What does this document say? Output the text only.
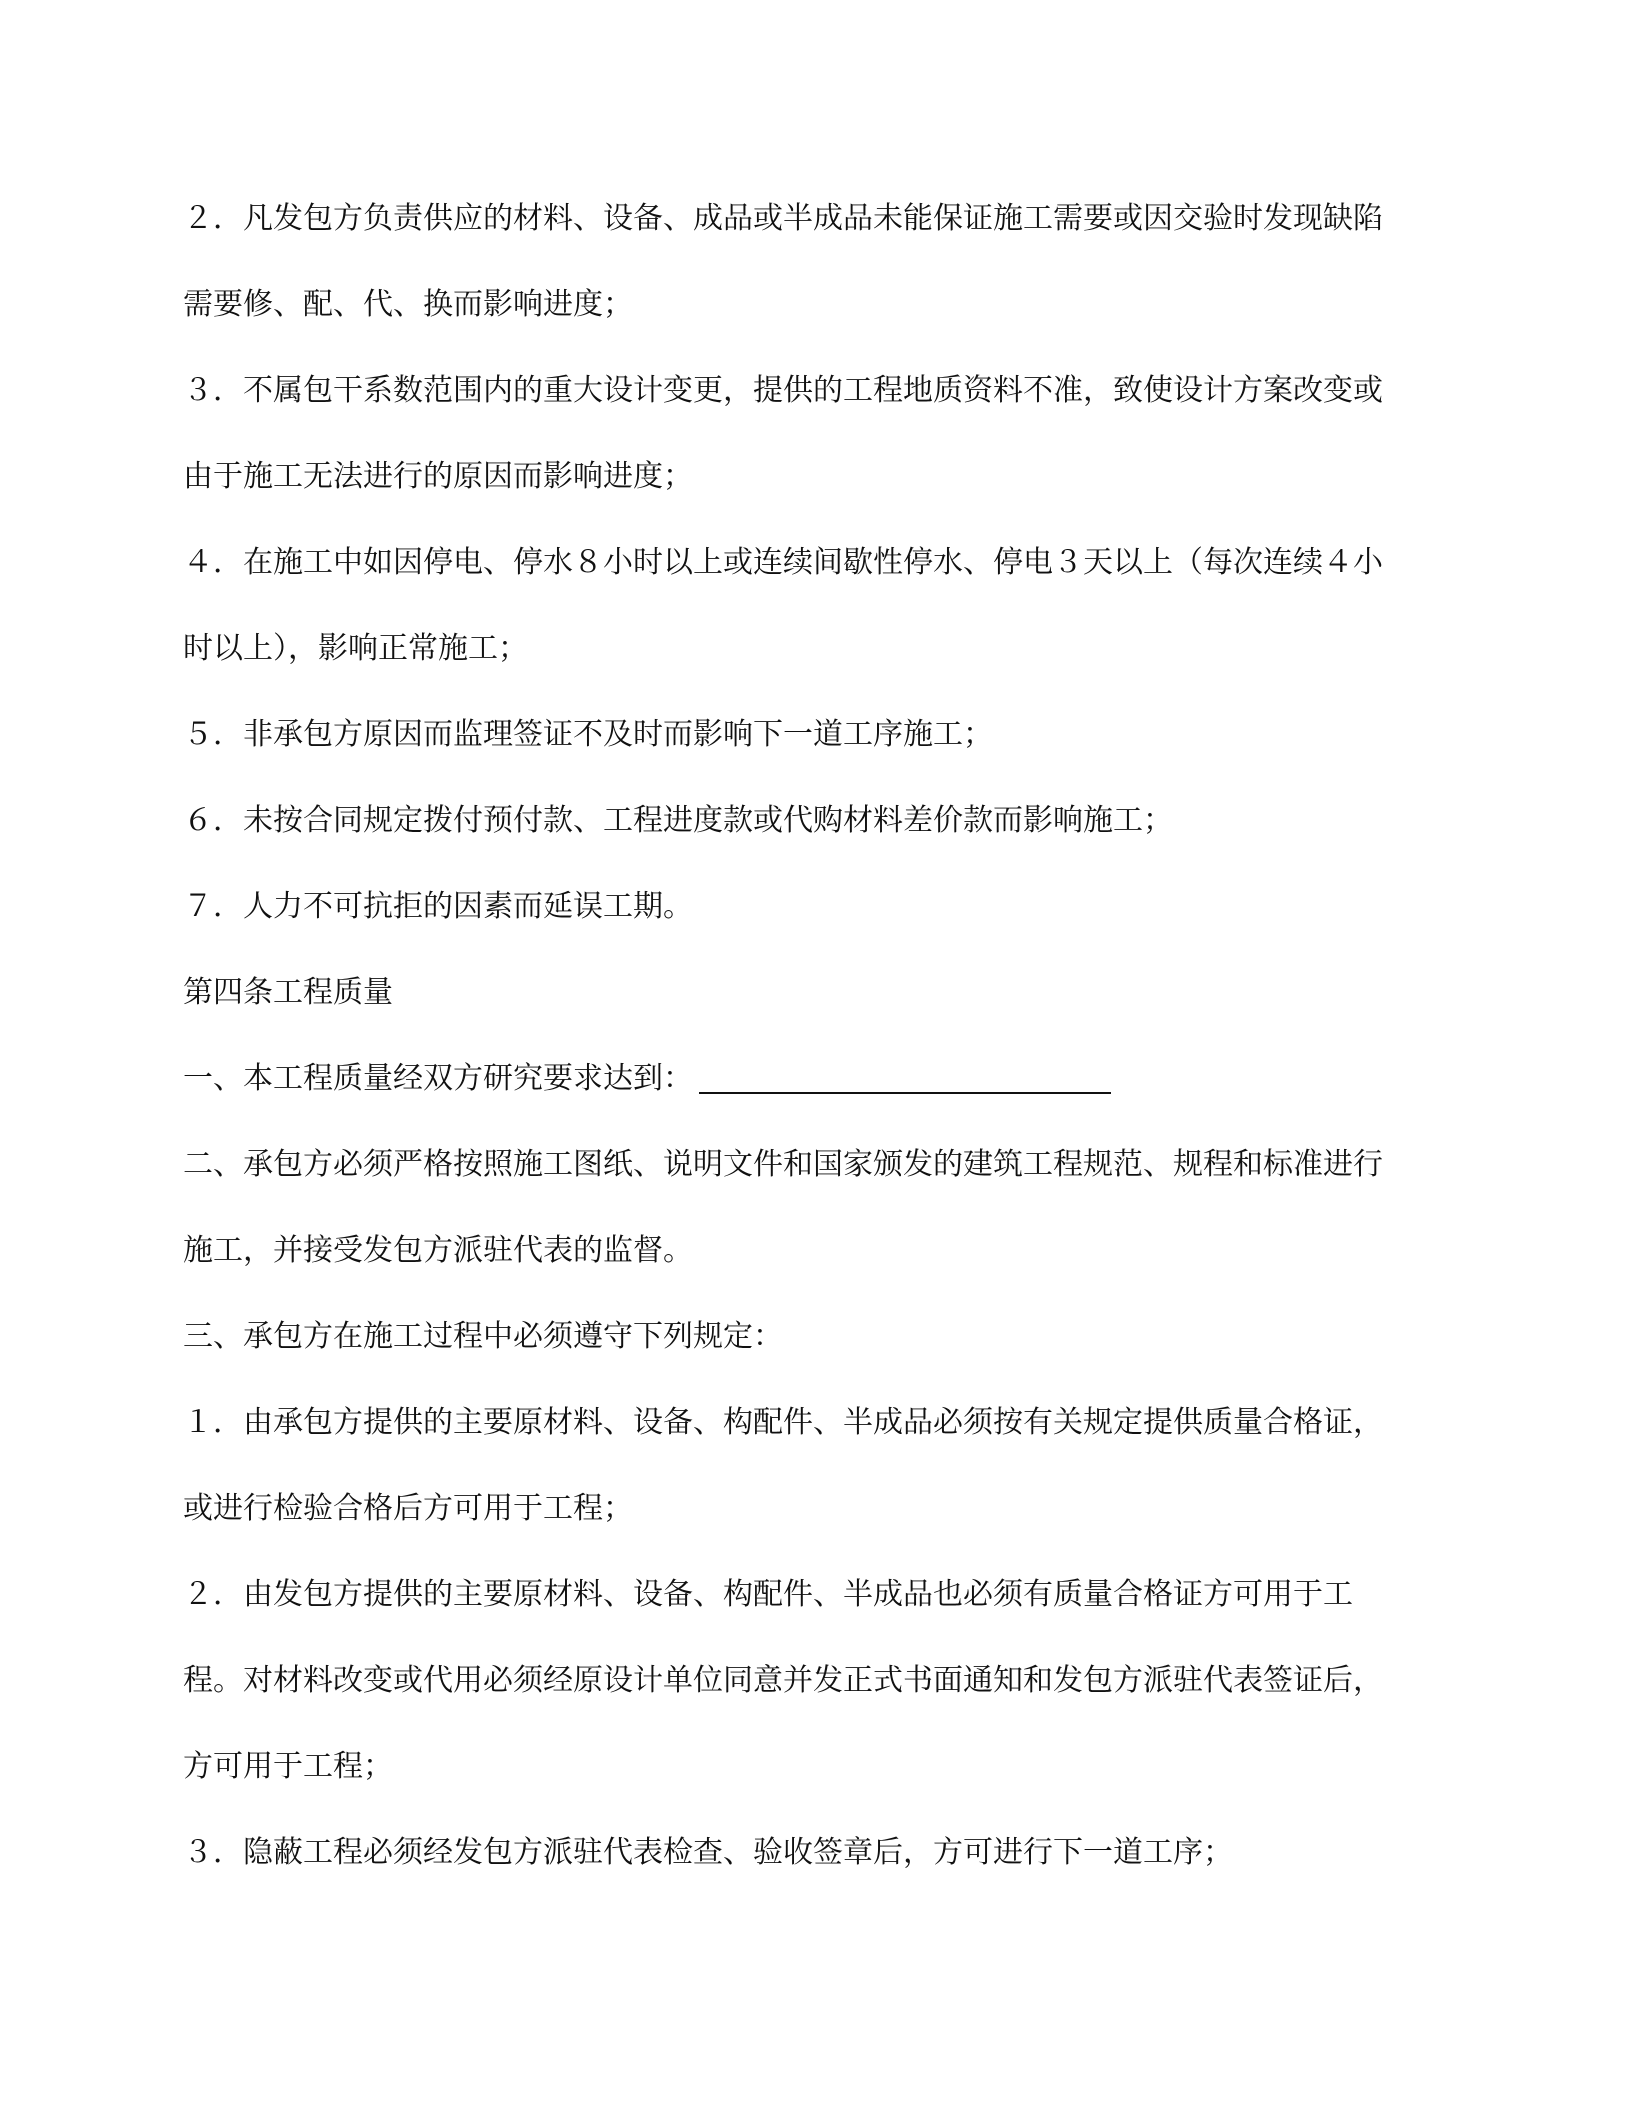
２．凡发包方负责供应的材料、设备、成品或半成品未能保证施工需要或因交验时发现缺陷
需要修、配、代、换而影响进度；
３．不属包干系数范围内的重大设计变更，提供的工程地质资料不准，致使设计方案改变或
由于施工无法进行的原因而影响进度；
４．在施工中如因停电、停水８小时以上或连续间歇性停水、停电３天以上（每次连续４小
时以上），影响正常施工；
５．非承包方原因而监理签证不及时而影响下一道工序施工；
６．未按合同规定拨付预付款、工程进度款或代购材料差价款而影响施工；
７．人力不可抗拒的因素而延误工期。
第四条工程质量
一、本工程质量经双方研究要求达到：
二、承包方必须严格按照施工图纸、说明文件和国家颁发的建筑工程规范、规程和标准进行
施工，并接受发包方派驻代表的监督。
三、承包方在施工过程中必须遵守下列规定：
１．由承包方提供的主要原材料、设备、构配件、半成品必须按有关规定提供质量合格证，
或进行检验合格后方可用于工程；
２．由发包方提供的主要原材料、设备、构配件、半成品也必须有质量合格证方可用于工
程。对材料改变或代用必须经原设计单位同意并发正式书面通知和发包方派驻代表签证后，
方可用于工程；
３．隐蔽工程必须经发包方派驻代表检查、验收签章后，方可进行下一道工序；
